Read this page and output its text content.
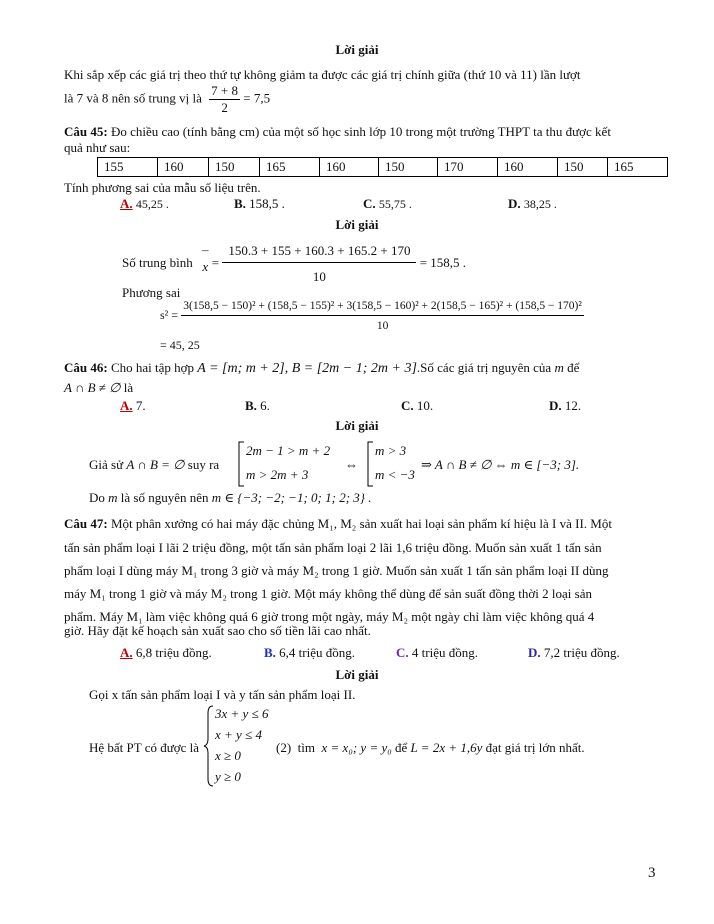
Lời giải
Khi sắp xếp các giá trị theo thứ tự không giảm ta được các giá trị chính giữa (thứ 10 và 11) lần lượt
là 7 và 8 nên số trung vị là $\frac{7 + 8}{2} = 7,5$
Câu 45: Đo chiều cao (tính bằng cm) của một số học sinh lớp 10 trong một trường THPT ta thu được kết
quả như sau:
155	160	150	165	160	150	170	160	150	165
Tính phương sai của mẫu số liệu trên.
A. 45,25 .	B. 158,5 .	C. 55,75 .	D. 38,25 .
Lời giải
Số trung bình ¯
$x = \frac{150.3 + 155 + 160.3 + 165.2 + 170}{10} = 158,5$ .
Phương sai
s² =
3(158,5 − 150)² + (158,5 − 155)² + 3(158,5 − 160)² + 2(158,5 − 165)² + (158,5 − 170)²
10
= 45, 25
Câu 46: Cho hai tập hợp A = [m; m + 2], B = [2m − 1; 2m + 3].Số các giá trị nguyên của m để
A ∩ B ≠ ∅ là
A. 7.	B. 6.	C. 10.	D. 12.
Lời giải
Giả sử A ∩ B = ∅ suy ra
2m − 1 > m + 2
m > 2m + 3
⇔
m > 3
m < −3
⇒ A ∩ B ≠ ∅ ⇔ m ∈ [−3; 3].
Do m là số nguyên nên m ∈ {−3; −2; −1; 0; 1; 2; 3} .
Câu 47: Một phân xưởng có hai máy đặc chủng M₁, M₂ sản xuất hai loại sản phẩm kí hiệu là I và II. Một
tấn sản phẩm loại I lãi 2 triệu đồng, một tấn sản phẩm loại 2 lãi 1,6 triệu đồng. Muốn sản xuất 1 tấn sản
phẩm loại I dùng máy M₁ trong 3 giờ và máy M₂ trong 1 giờ. Muốn sản xuất 1 tấn sản phẩm loại II dùng
máy M₁ trong 1 giờ và máy M₂ trong 1 giờ. Một máy không thể dùng để sản suất đồng thời 2 loại sản
phẩm. Máy M₁ làm việc không quá 6 giờ trong một ngày, máy M₂ một ngày chỉ làm việc không quá 4
giờ. Hãy đặt kế hoạch sản xuất sao cho số tiền lãi cao nhất.
A. 6,8 triệu đồng.	B. 6,4 triệu đồng.	C. 4 triệu đồng.	D. 7,2 triệu đồng.
Lời giải
Gọi x tấn sản phẩm loại I và y tấn sản phẩm loại II.
Hệ bất PT có được là
3x + y ≤ 6
x + y ≤ 4
x ≥ 0
y ≥ 0
(2) tìm x = x₀; y = y₀ để L = 2x + 1,6y đạt giá trị lớn nhất.
3
